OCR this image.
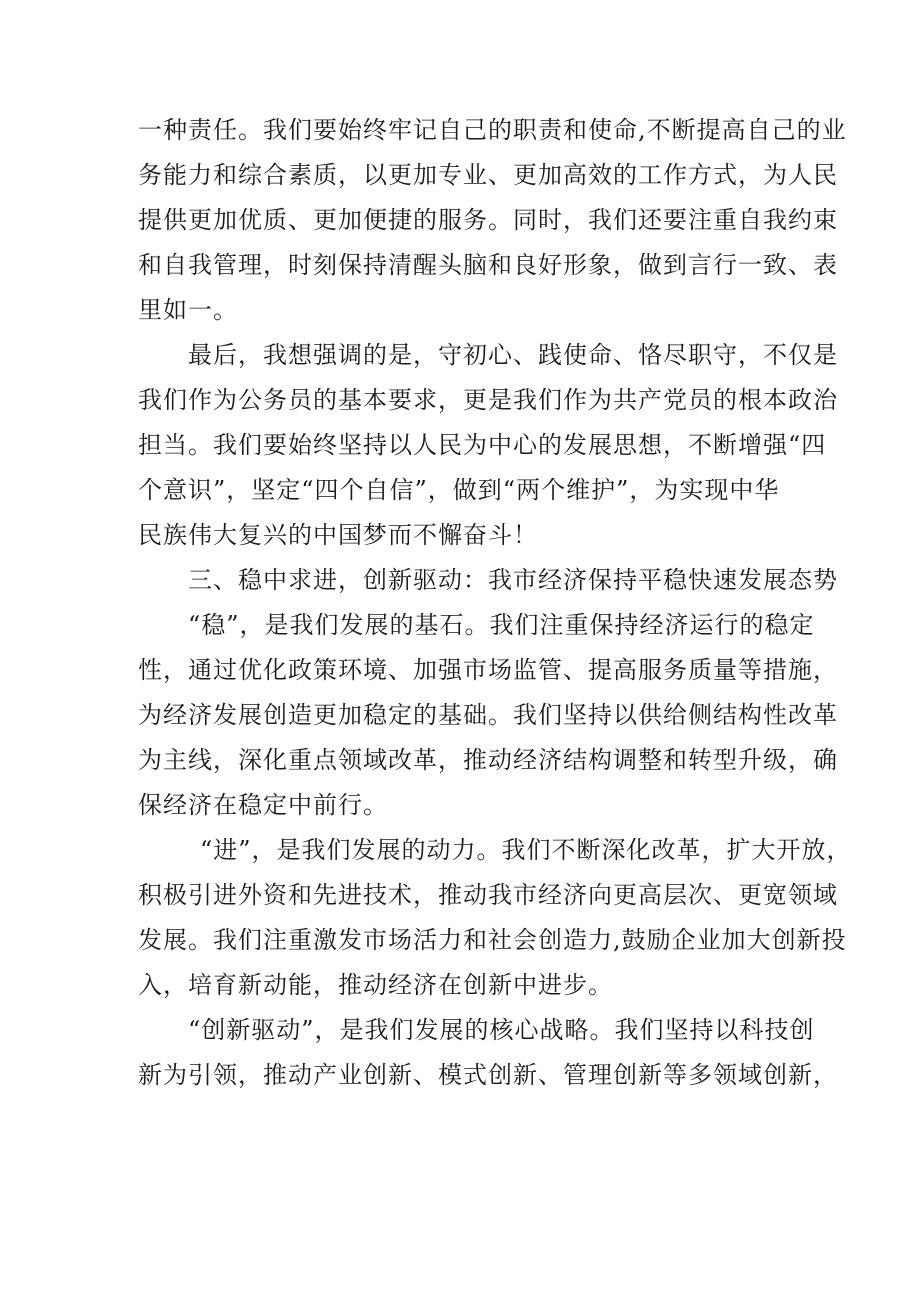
一种责任。我们要始终牢记自己的职责和使命,不断提高自己的业
务能力和综合素质，以更加专业、更加高效的工作方式，为人民
提供更加优质、更加便捷的服务。同时，我们还要注重自我约束
和自我管理，时刻保持清醒头脑和良好形象，做到言行一致、表
里如一。
最后，我想强调的是，守初心、践使命、恪尽职守，不仅是
我们作为公务员的基本要求，更是我们作为共产党员的根本政治
担当。我们要始终坚持以人民为中心的发展思想，不断增强“四
个意识”，坚定“四个自信”，做到“两个维护”，为实现中华
民族伟大复兴的中国梦而不懈奋斗！
三、稳中求进，创新驱动：我市经济保持平稳快速发展态势
“稳”，是我们发展的基石。我们注重保持经济运行的稳定
性，通过优化政策环境、加强市场监管、提高服务质量等措施，
为经济发展创造更加稳定的基础。我们坚持以供给侧结构性改革
为主线，深化重点领域改革，推动经济结构调整和转型升级，确
保经济在稳定中前行。
“进”，是我们发展的动力。我们不断深化改革，扩大开放，
积极引进外资和先进技术，推动我市经济向更高层次、更宽领域
发展。我们注重激发市场活力和社会创造力,鼓励企业加大创新投
入，培育新动能，推动经济在创新中进步。
“创新驱动”，是我们发展的核心战略。我们坚持以科技创
新为引领，推动产业创新、模式创新、管理创新等多领域创新，
